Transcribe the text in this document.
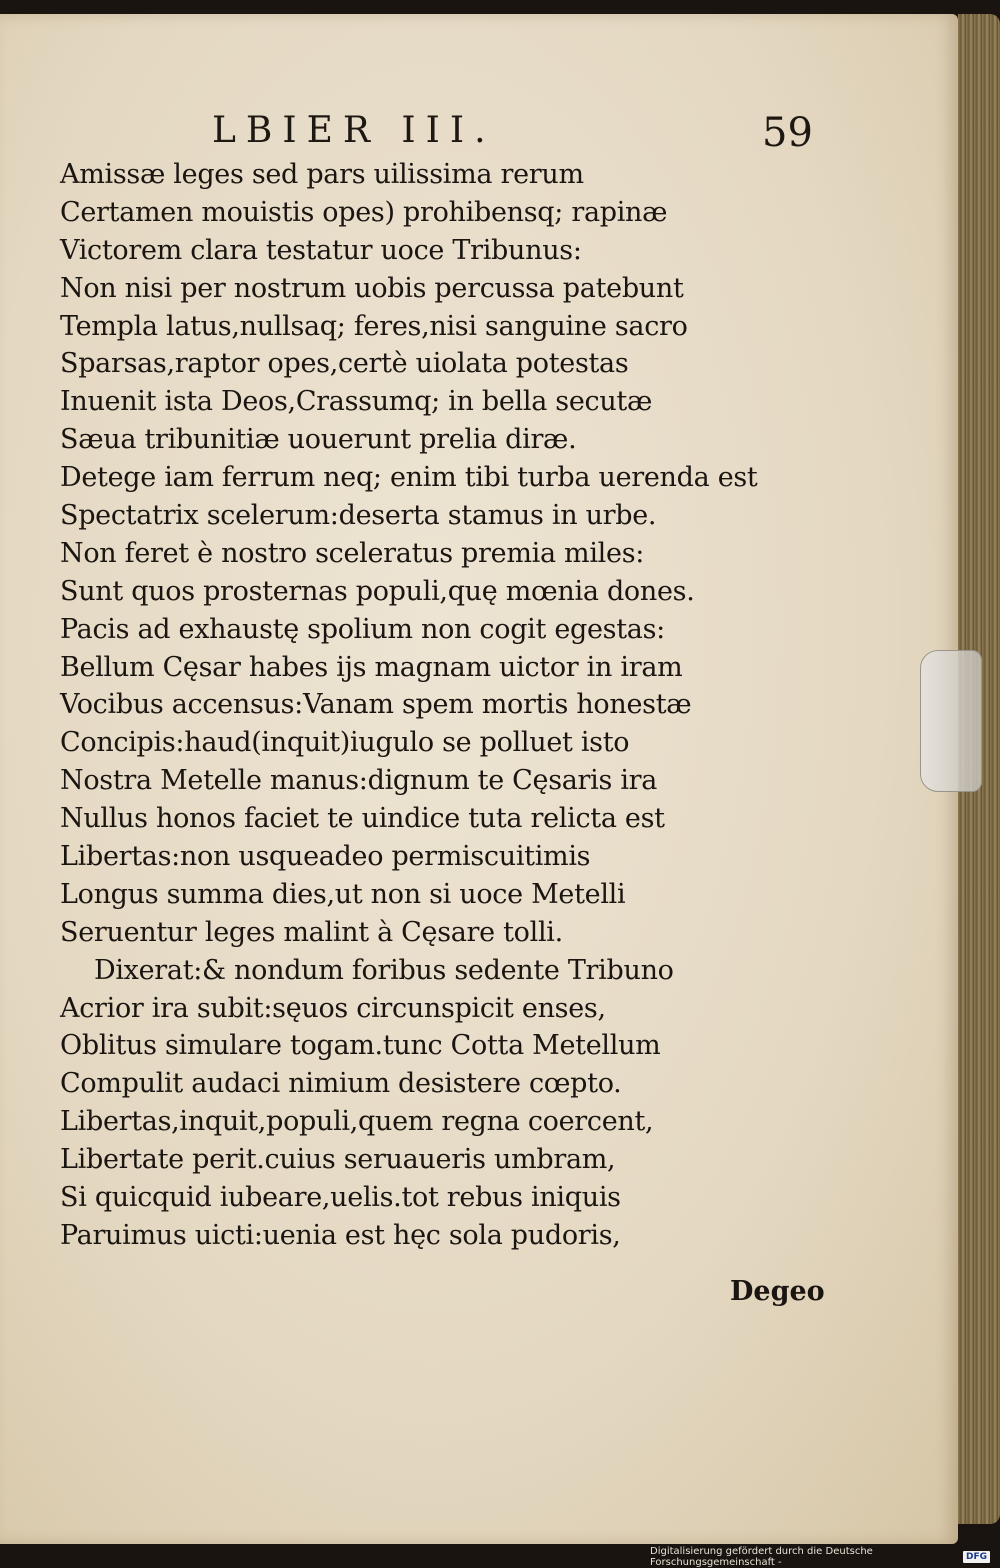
LBIER III.	59
Amissæ leges sed pars uilissima rerum
Certamen mouistis opes) prohibensq; rapinæ
Victorem clara testatur uoce Tribunus:
Non nisi per nostrum uobis percussa patebunt
Templa latus,nullsaq; feres,nisi sanguine sacro
Sparsas,raptor opes,certè uiolata potestas
Inuenit ista Deos,Crassumq; in bella secutæ
Sæua tribunitiæ uouerunt prelia diræ.
Detege iam ferrum neq; enim tibi turba uerenda est
Spectatrix scelerum:deserta stamus in urbe.
Non feret è nostro sceleratus premia miles:
Sunt quos prosternas populi,quę mœnia dones.
Pacis ad exhaustę spolium non cogit egestas:
Bellum Cęsar habes ijs magnam uictor in iram
Vocibus accensus:Vanam spem mortis honestæ
Concipis:haud(inquit)iugulo se polluet isto
Nostra Metelle manus:dignum te Cęsaris ira
Nullus honos faciet te uindice tuta relicta est
Libertas:non usqueadeo permiscuitimis
Longus summa dies,ut non si uoce Metelli
Seruentur leges malint à Cęsare tolli.
Dixerat:& nondum foribus sedente Tribuno
Acrior ira subit:sęuos circunspicit enses,
Oblitus simulare togam.tunc Cotta Metellum
Compulit audaci nimium desistere cœpto.
Libertas,inquit,populi,quem regna coercent,
Libertate perit.cuius seruaueris umbram,
Si quicquid iubeare,uelis.tot rebus iniquis
Paruimus uicti:uenia est hęc sola pudoris,
Degeo
Digitalisierung gefördert durch die Deutsche Forschungsgemeinschaft -	DFG
